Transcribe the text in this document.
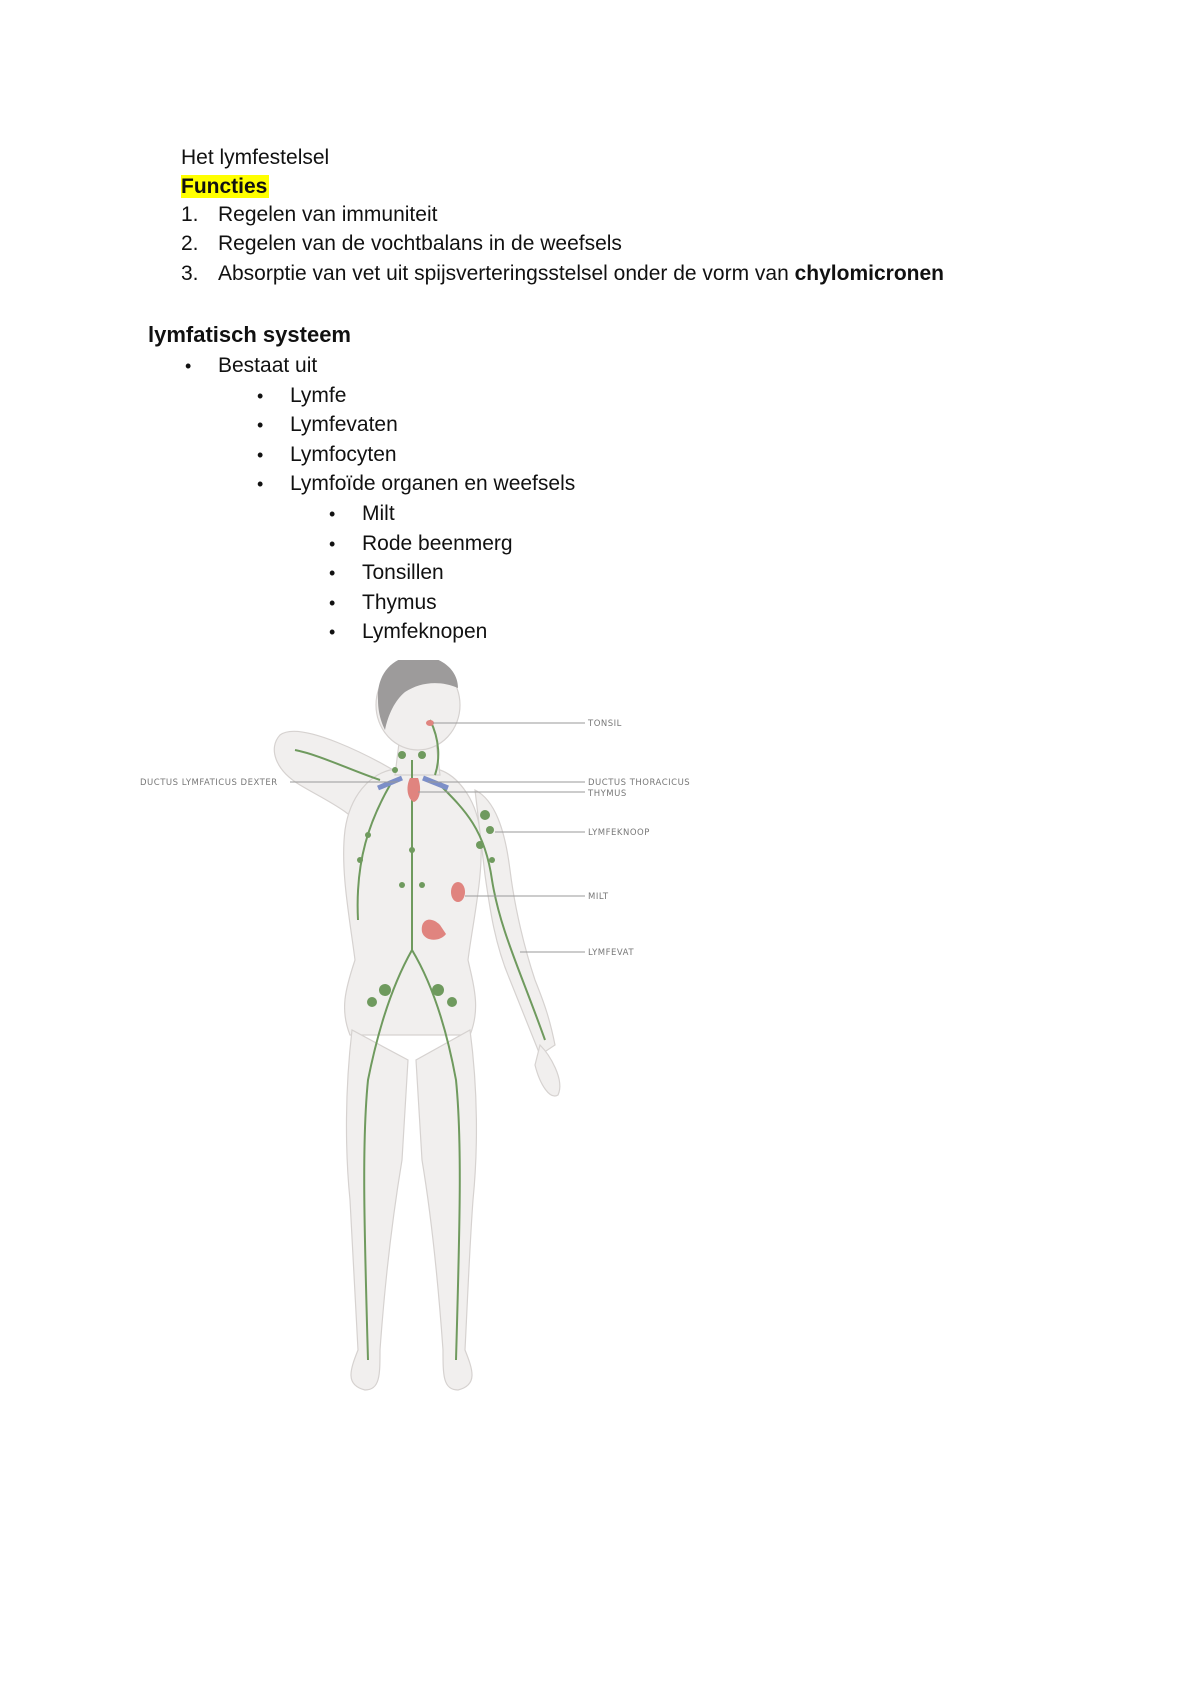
Het lymfestelsel
Functies
1. Regelen van immuniteit
2. Regelen van de vochtbalans in de weefsels
3. Absorptie van vet uit spijsverteringsstelsel onder de vorm van chylomicronen
lymfatisch systeem
• Bestaat uit
• Lymfe
• Lymfevaten
• Lymfocyten
• Lymfoïde organen en weefsels
• Milt
• Rode beenmerg
• Tonsillen
• Thymus
• Lymfeknopen
TONSIL
DUCTUS LYMFATICUS DEXTER	DUCTUS THORACICUS
THYMUS
LYMFEKNOOP
MILT
LYMFEVAT
